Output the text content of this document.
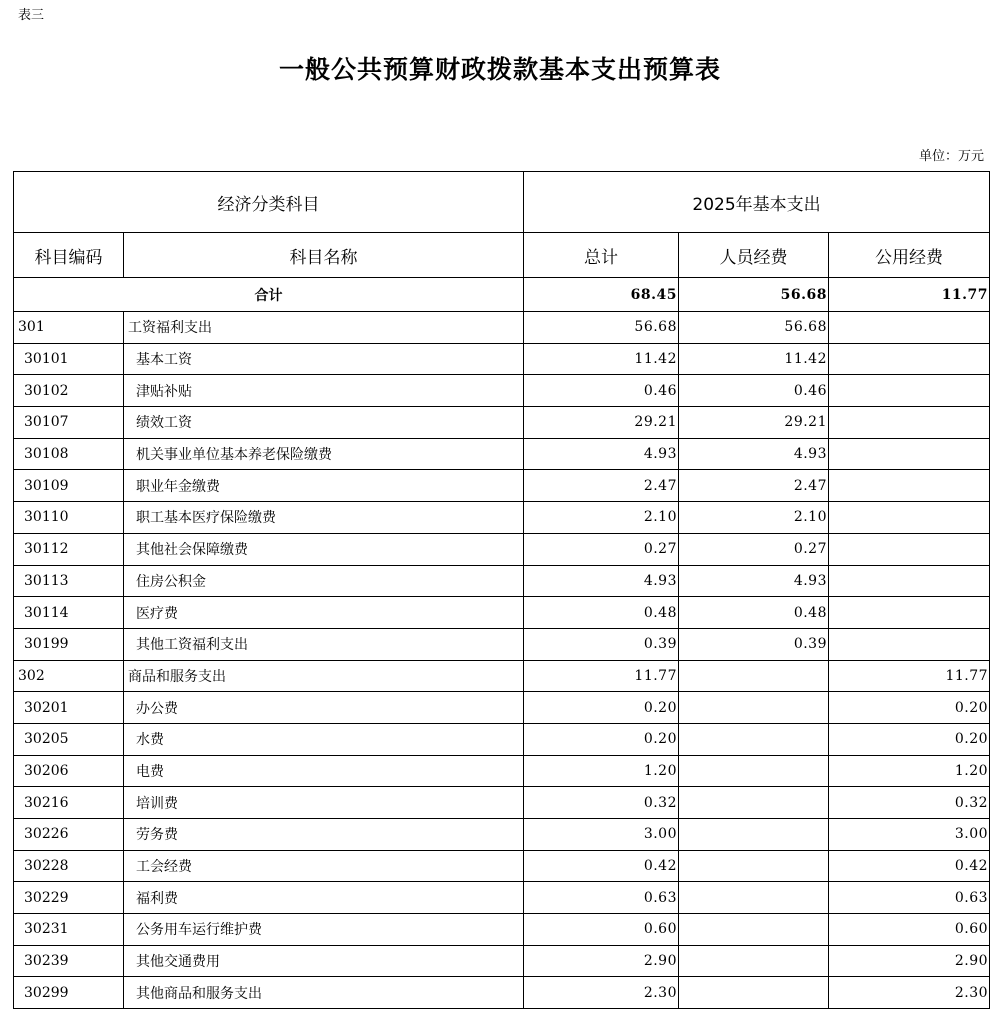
表三
一般公共预算财政拨款基本支出预算表
单位：万元
经济分类科目		2025年基本支出		
科目编码	科目名称	总计	人员经费	公用经费
合计		68.45	56.68	11.77
301	工资福利支出	56.68	56.68	
30101	基本工资	11.42	11.42	
30102	津贴补贴	0.46	0.46	
30107	绩效工资	29.21	29.21	
30108	机关事业单位基本养老保险缴费	4.93	4.93	
30109	职业年金缴费	2.47	2.47	
30110	职工基本医疗保险缴费	2.10	2.10	
30112	其他社会保障缴费	0.27	0.27	
30113	住房公积金	4.93	4.93	
30114	医疗费	0.48	0.48	
30199	其他工资福利支出	0.39	0.39	
302	商品和服务支出	11.77		11.77
30201	办公费	0.20		0.20
30205	水费	0.20		0.20
30206	电费	1.20		1.20
30216	培训费	0.32		0.32
30226	劳务费	3.00		3.00
30228	工会经费	0.42		0.42
30229	福利费	0.63		0.63
30231	公务用车运行维护费	0.60		0.60
30239	其他交通费用	2.90		2.90
30299	其他商品和服务支出	2.30		2.30
